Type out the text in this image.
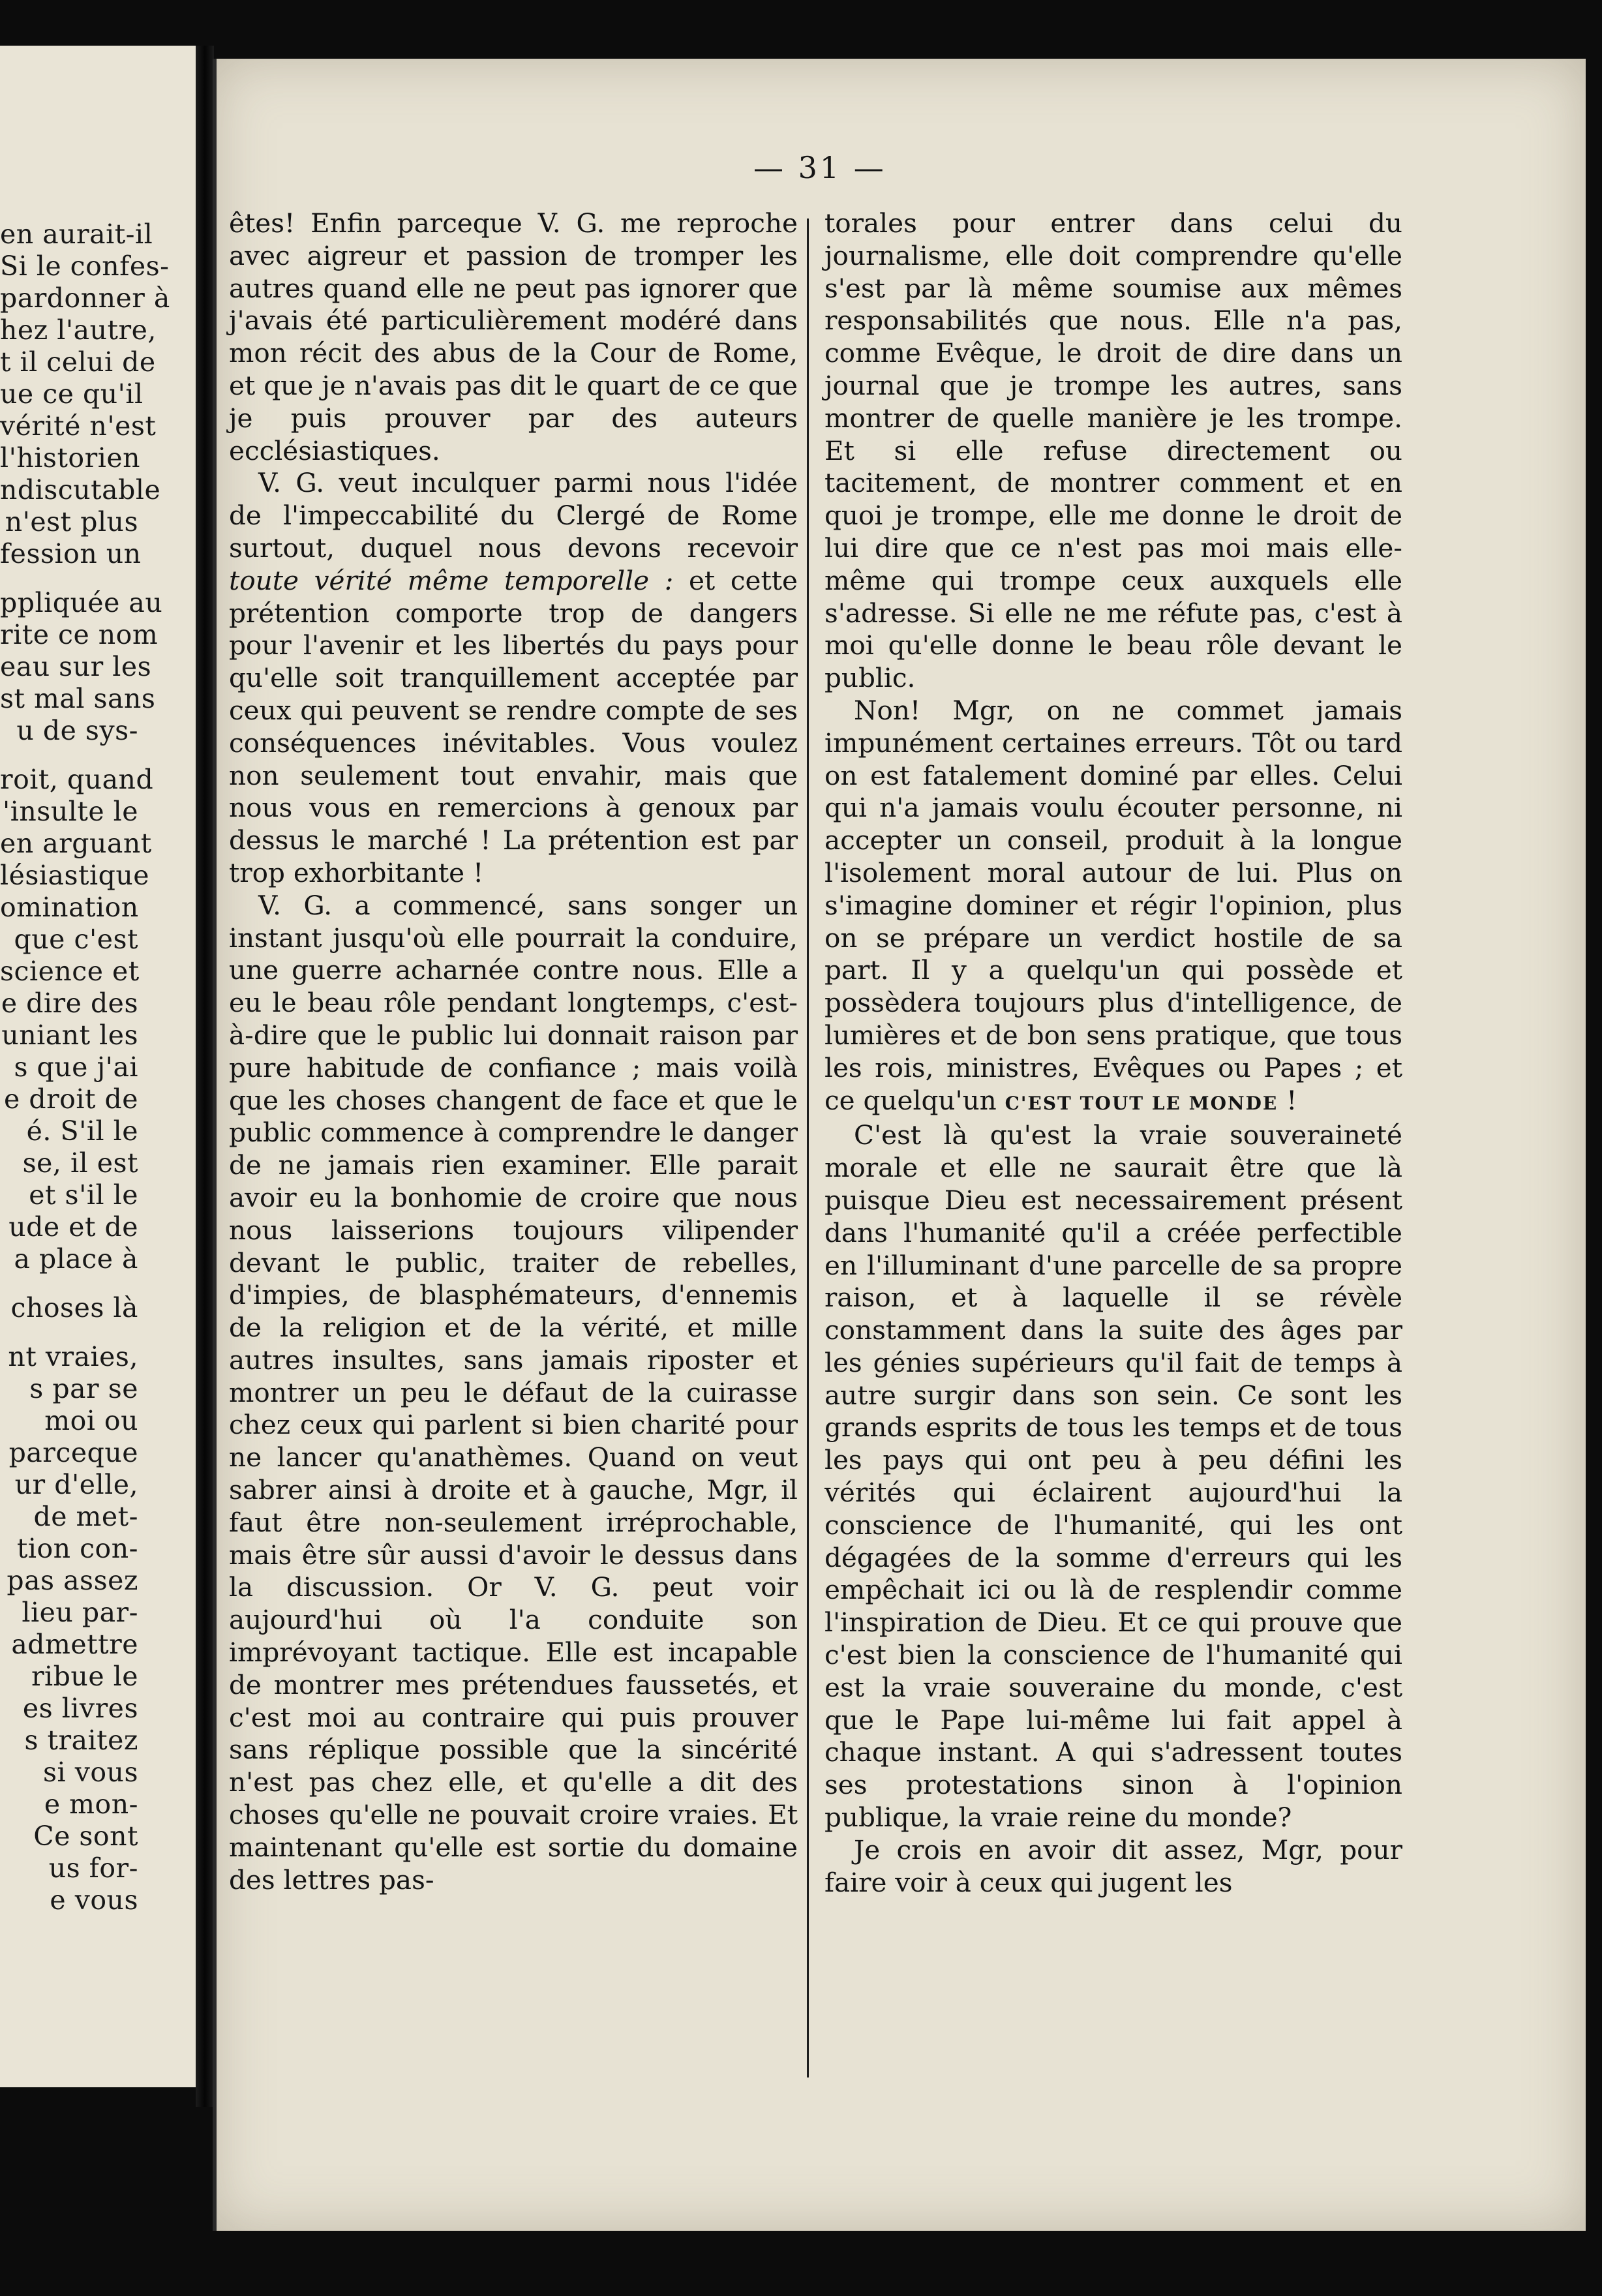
en aurait-il
Si le confes-
pardonner à
hez l'autre,
t il celui de
ue ce qu'il
vérité n'est
l'historien
ndiscutable
n'est plus
fession un
ppliquée au
rite ce nom
eau sur les
st mal sans
u de sys-
roit, quand
'insulte le
en arguant
lésiastique
omination
que c'est
science et
e dire des
uniant les
s que j'ai
e droit de
é. S'il le
se, il est
et s'il le
ude et de
a place à
choses là
nt vraies,
s par se
moi ou
parceque
ur d'elle,
de met-
tion con-
pas assez
lieu par-
admettre
ribue le
es livres
s traitez
si vous
e mon-
Ce sont
us for-
e vous
— 31 —

êtes! Enfin parceque V. G. me reproche avec aigreur et passion de tromper les autres quand elle ne peut pas ignorer que j'avais été particulièrement modéré dans mon récit des abus de la Cour de Rome, et que je n'avais pas dit le quart de ce que je puis prouver par des auteurs ecclésiastiques.

V. G. veut inculquer parmi nous l'idée de l'impeccabilité du Clergé de Rome surtout, duquel nous devons recevoir toute vérité même temporelle : et cette prétention comporte trop de dangers pour l'avenir et les libertés du pays pour qu'elle soit tranquillement acceptée par ceux qui peuvent se rendre compte de ses conséquences inévitables. Vous voulez non seulement tout envahir, mais que nous vous en remercions à genoux par dessus le marché ! La prétention est par trop exhorbitante !

V. G. a commencé, sans songer un instant jusqu'où elle pourrait la conduire, une guerre acharnée contre nous. Elle a eu le beau rôle pendant longtemps, c'est-à-dire que le public lui donnait raison par pure habitude de confiance ; mais voilà que les choses changent de face et que le public commence à comprendre le danger de ne jamais rien examiner. Elle parait avoir eu la bonhomie de croire que nous nous laisserions toujours vilipender devant le public, traiter de rebelles, d'impies, de blasphémateurs, d'ennemis de la religion et de la vérité, et mille autres insultes, sans jamais riposter et montrer un peu le défaut de la cuirasse chez ceux qui parlent si bien charité pour ne lancer qu'anathèmes. Quand on veut sabrer ainsi à droite et à gauche, Mgr, il faut être non-seulement irréprochable, mais être sûr aussi d'avoir le dessus dans la discussion. Or V. G. peut voir aujourd'hui où l'a conduite son imprévoyant tactique. Elle est incapable de montrer mes prétendues faussetés, et c'est moi au contraire qui puis prouver sans réplique possible que la sincérité n'est pas chez elle, et qu'elle a dit des choses qu'elle ne pouvait croire vraies. Et maintenant qu'elle est sortie du domaine des lettres pas-

torales pour entrer dans celui du journalisme, elle doit comprendre qu'elle s'est par là même soumise aux mêmes responsabilités que nous. Elle n'a pas, comme Evêque, le droit de dire dans un journal que je trompe les autres, sans montrer de quelle manière je les trompe. Et si elle refuse directement ou tacitement, de montrer comment et en quoi je trompe, elle me donne le droit de lui dire que ce n'est pas moi mais elle-même qui trompe ceux auxquels elle s'adresse. Si elle ne me réfute pas, c'est à moi qu'elle donne le beau rôle devant le public.

Non! Mgr, on ne commet jamais impunément certaines erreurs. Tôt ou tard on est fatalement dominé par elles. Celui qui n'a jamais voulu écouter personne, ni accepter un conseil, produit à la longue l'isolement moral autour de lui. Plus on s'imagine dominer et régir l'opinion, plus on se prépare un verdict hostile de sa part. Il y a quelqu'un qui possède et possèdera toujours plus d'intelligence, de lumières et de bon sens pratique, que tous les rois, ministres, Evêques ou Papes ; et ce quelqu'un C'EST TOUT LE MONDE !

C'est là qu'est la vraie souveraineté morale et elle ne saurait être que là puisque Dieu est necessairement présent dans l'humanité qu'il a créée perfectible en l'illuminant d'une parcelle de sa propre raison, et à laquelle il se révèle constamment dans la suite des âges par les génies supérieurs qu'il fait de temps à autre surgir dans son sein. Ce sont les grands esprits de tous les temps et de tous les pays qui ont peu à peu défini les vérités qui éclairent aujourd'hui la conscience de l'humanité, qui les ont dégagées de la somme d'erreurs qui les empêchait ici ou là de resplendir comme l'inspiration de Dieu. Et ce qui prouve que c'est bien la conscience de l'humanité qui est la vraie souveraine du monde, c'est que le Pape lui-même lui fait appel à chaque instant. A qui s'adressent toutes ses protestations sinon à l'opinion publique, la vraie reine du monde?

Je crois en avoir dit assez, Mgr, pour faire voir à ceux qui jugent les
